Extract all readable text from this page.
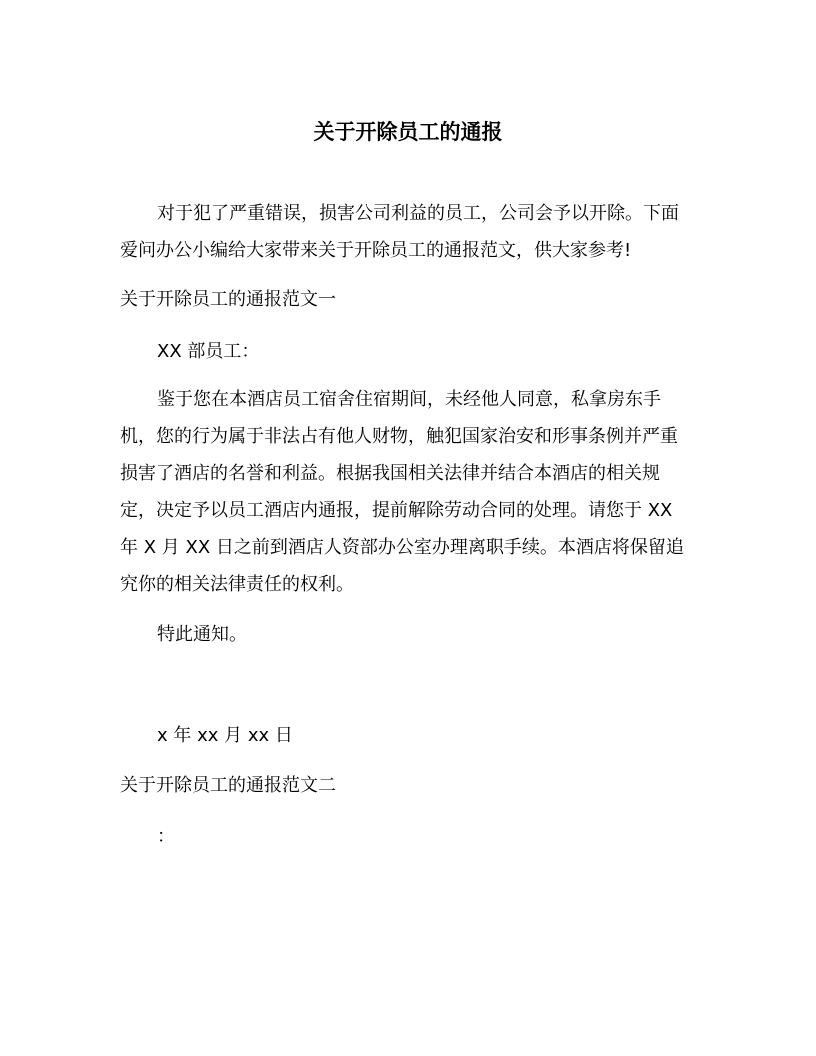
关于开除员工的通报

对于犯了严重错误，损害公司利益的员工，公司会予以开除。下面爱问办公小编给大家带来关于开除员工的通报范文，供大家参考!

关于开除员工的通报范文一

XX 部员工：

鉴于您在本酒店员工宿舍住宿期间，未经他人同意，私拿房东手机，您的行为属于非法占有他人财物，触犯国家治安和形事条例并严重损害了酒店的名誉和利益。根据我国相关法律并结合本酒店的相关规定，决定予以员工酒店内通报，提前解除劳动合同的处理。请您于 XX 年 X 月 XX 日之前到酒店人资部办公室办理离职手续。本酒店将保留追究你的相关法律责任的权利。

特此通知。

x 年 xx 月 xx 日

关于开除员工的通报范文二

：
